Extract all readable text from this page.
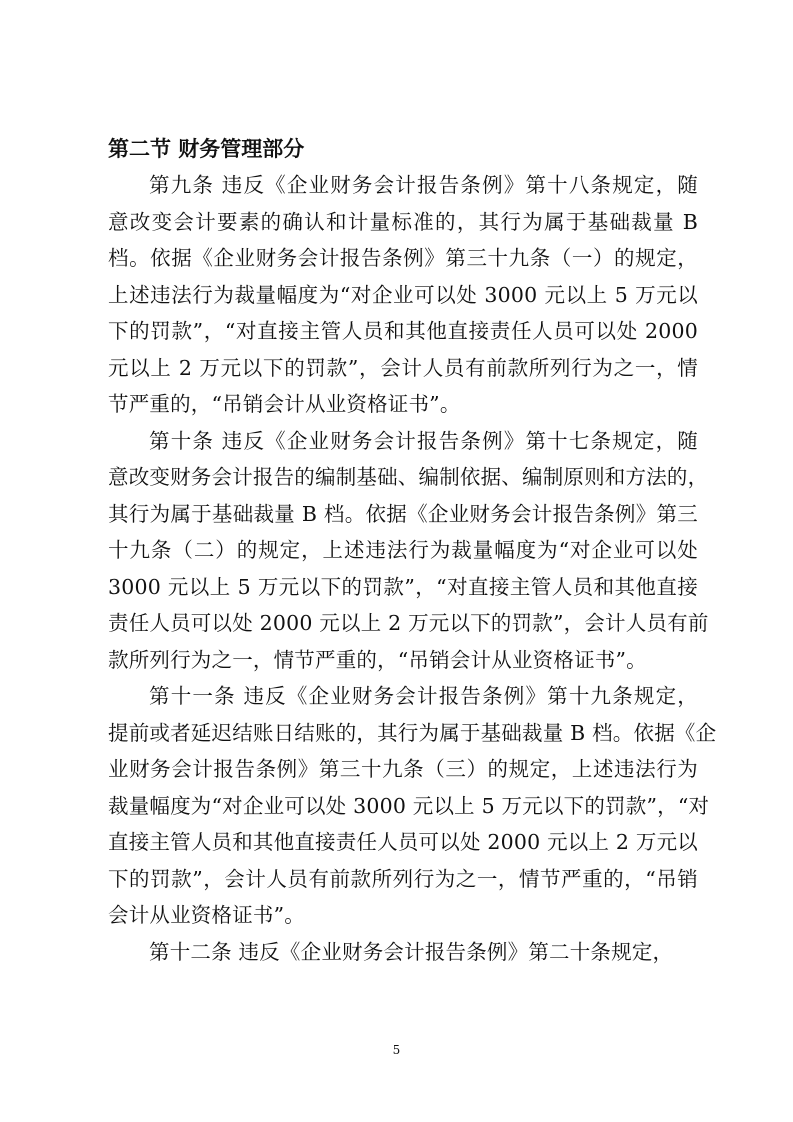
第二节 财务管理部分
第九条 违反《企业财务会计报告条例》第十八条规定，随
意改变会计要素的确认和计量标准的，其行为属于基础裁量 B
档。依据《企业财务会计报告条例》第三十九条（一）的规定，
上述违法行为裁量幅度为“对企业可以处 3000 元以上 5 万元以
下的罚款”，“对直接主管人员和其他直接责任人员可以处 2000
元以上 2 万元以下的罚款”，会计人员有前款所列行为之一，情
节严重的，“吊销会计从业资格证书”。
第十条 违反《企业财务会计报告条例》第十七条规定，随
意改变财务会计报告的编制基础、编制依据、编制原则和方法的，
其行为属于基础裁量 B 档。依据《企业财务会计报告条例》第三
十九条（二）的规定，上述违法行为裁量幅度为“对企业可以处
3000 元以上 5 万元以下的罚款”，“对直接主管人员和其他直接
责任人员可以处 2000 元以上 2 万元以下的罚款”，会计人员有前
款所列行为之一，情节严重的，“吊销会计从业资格证书”。
第十一条 违反《企业财务会计报告条例》第十九条规定，
提前或者延迟结账日结账的，其行为属于基础裁量 B 档。依据《企
业财务会计报告条例》第三十九条（三）的规定，上述违法行为
裁量幅度为“对企业可以处 3000 元以上 5 万元以下的罚款”，“对
直接主管人员和其他直接责任人员可以处 2000 元以上 2 万元以
下的罚款”，会计人员有前款所列行为之一，情节严重的，“吊销
会计从业资格证书”。
第十二条 违反《企业财务会计报告条例》第二十条规定，
5
